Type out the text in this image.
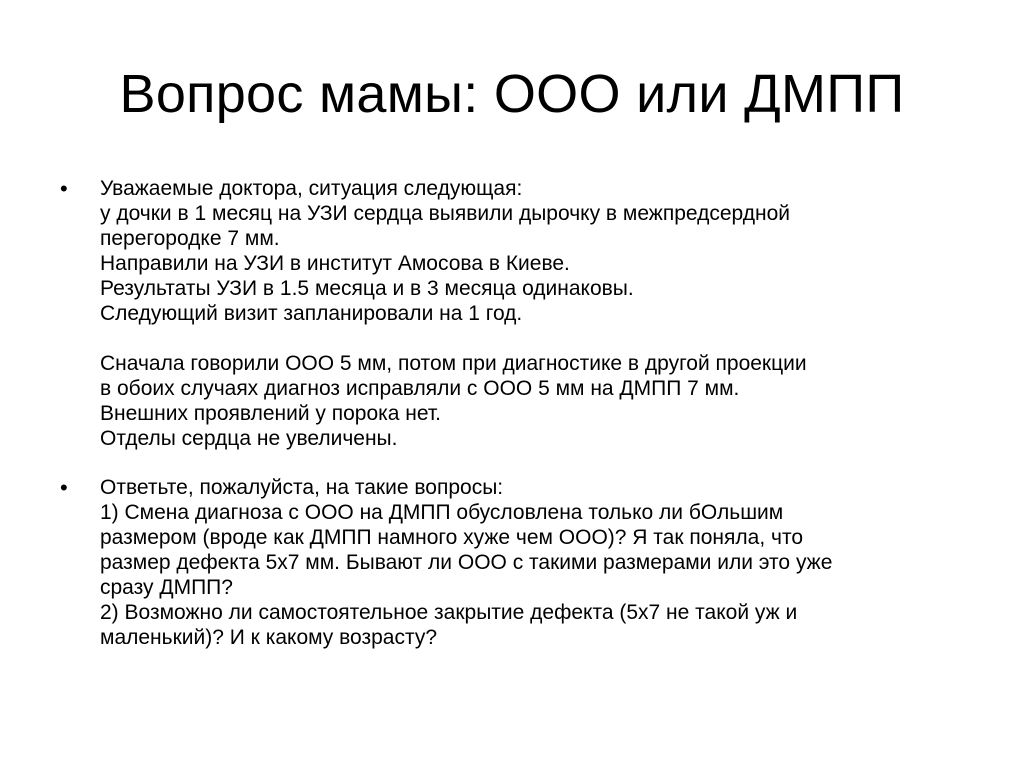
Вопрос мамы: ООО или ДМПП
• Уважаемые доктора, ситуация следующая:
у дочки в 1 месяц на УЗИ сердца выявили дырочку в межпредсердной
перегородке 7 мм.
Направили на УЗИ в институт Амосова в Киеве.
Результаты УЗИ в 1.5 месяца и в 3 месяца одинаковы.
Следующий визит запланировали на 1 год.
Сначала говорили ООО 5 мм, потом при диагностике в другой проекции
в обоих случаях диагноз исправляли с ООО 5 мм на ДМПП 7 мм.
Внешних проявлений у порока нет.
Отделы сердца не увеличены.
• Ответьте, пожалуйста, на такие вопросы:
1) Смена диагноза с ООО на ДМПП обусловлена только ли бОльшим
размером (вроде как ДМПП намного хуже чем ООО)? Я так поняла, что
размер дефекта 5х7 мм. Бывают ли ООО с такими размерами или это уже
сразу ДМПП?
2) Возможно ли самостоятельное закрытие дефекта (5х7 не такой уж и
маленький)? И к какому возрасту?
